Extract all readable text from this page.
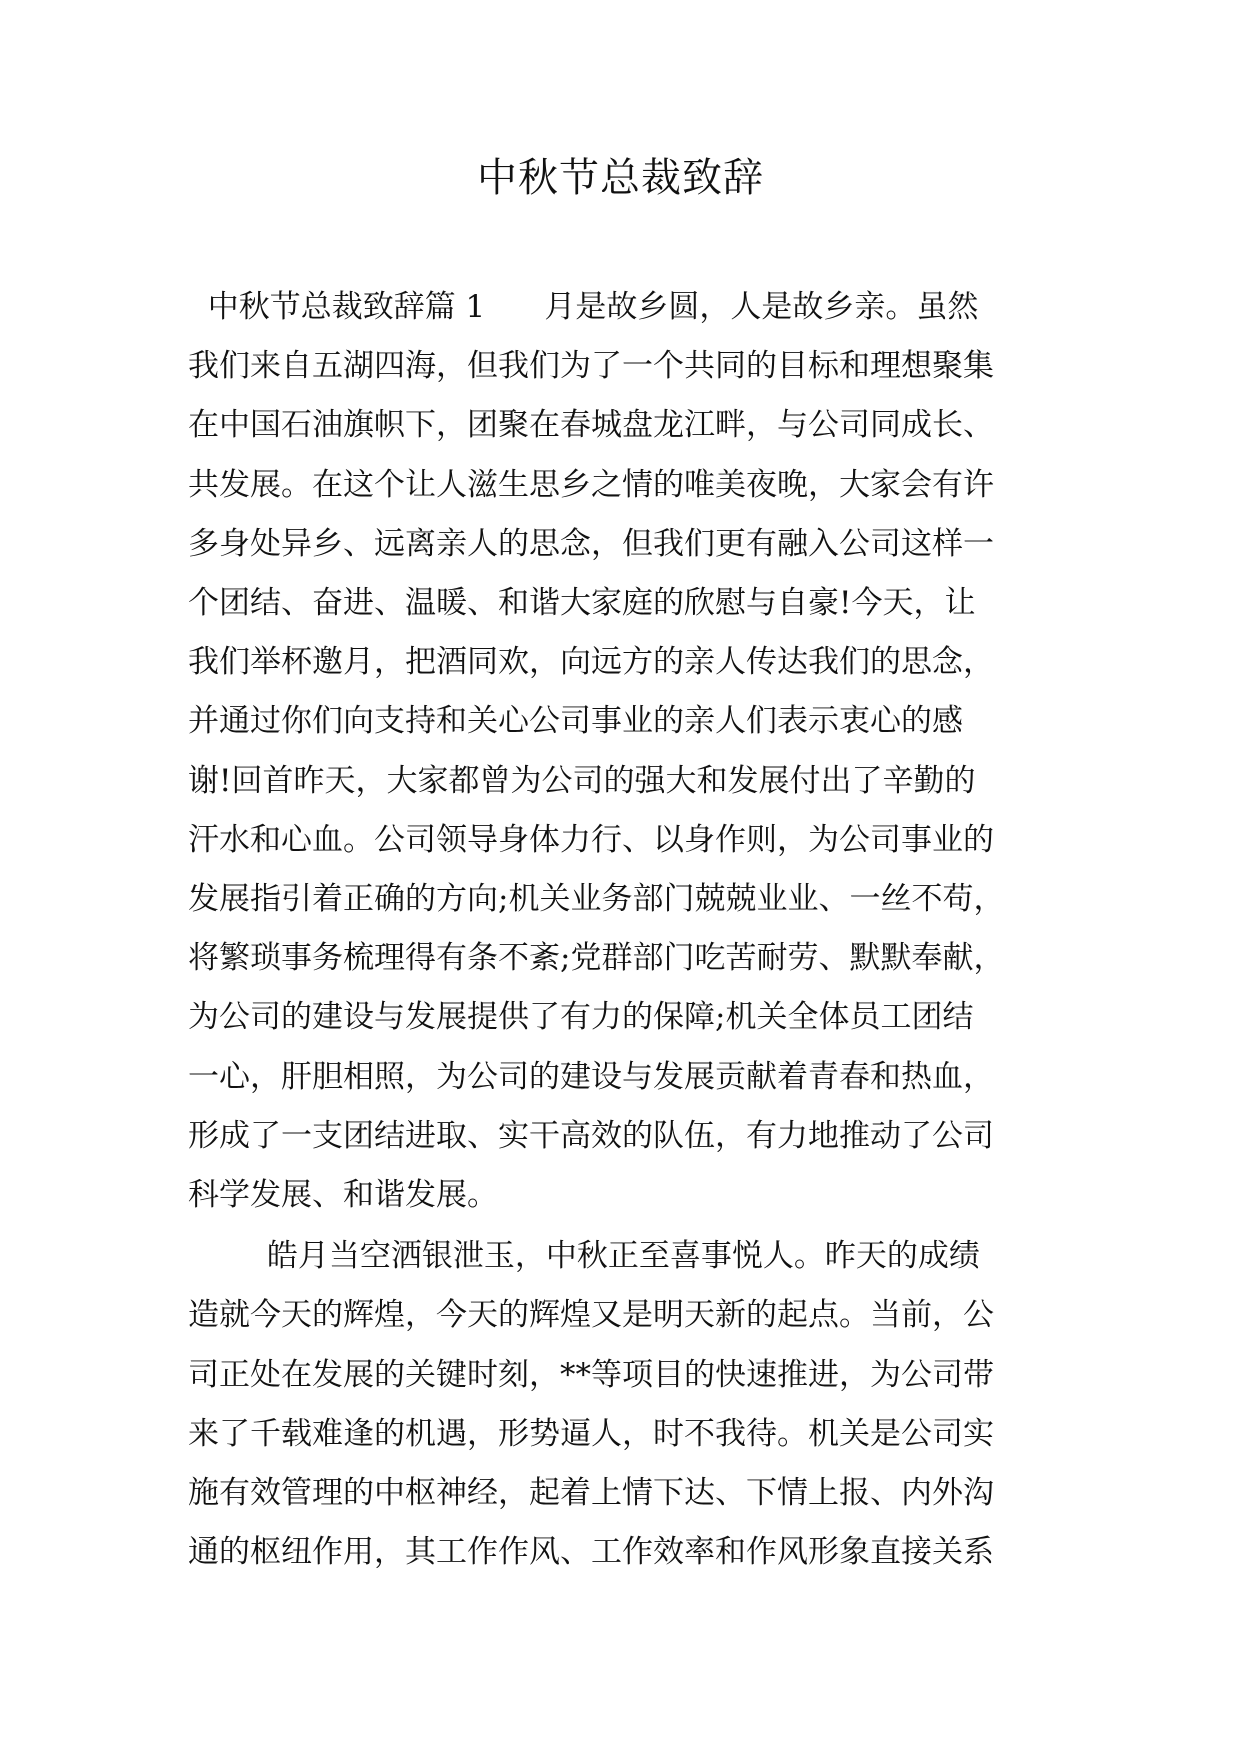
中秋节总裁致辞

中秋节总裁致辞篇 1      月是故乡圆，人是故乡亲。虽然
我们来自五湖四海，但我们为了一个共同的目标和理想聚集
在中国石油旗帜下，团聚在春城盘龙江畔，与公司同成长、
共发展。在这个让人滋生思乡之情的唯美夜晚，大家会有许
多身处异乡、远离亲人的思念，但我们更有融入公司这样一
个团结、奋进、温暖、和谐大家庭的欣慰与自豪!今天，让
我们举杯邀月，把酒同欢，向远方的亲人传达我们的思念，
并通过你们向支持和关心公司事业的亲人们表示衷心的感
谢!回首昨天，大家都曾为公司的强大和发展付出了辛勤的
汗水和心血。公司领导身体力行、以身作则，为公司事业的
发展指引着正确的方向;机关业务部门兢兢业业、一丝不苟，
将繁琐事务梳理得有条不紊;党群部门吃苦耐劳、默默奉献，
为公司的建设与发展提供了有力的保障;机关全体员工团结
一心，肝胆相照，为公司的建设与发展贡献着青春和热血，
形成了一支团结进取、实干高效的队伍，有力地推动了公司
科学发展、和谐发展。

皓月当空洒银泄玉，中秋正至喜事悦人。昨天的成绩
造就今天的辉煌，今天的辉煌又是明天新的起点。当前，公
司正处在发展的关键时刻，**等项目的快速推进，为公司带
来了千载难逢的机遇，形势逼人，时不我待。机关是公司实
施有效管理的中枢神经，起着上情下达、下情上报、内外沟
通的枢纽作用，其工作作风、工作效率和作风形象直接关系
